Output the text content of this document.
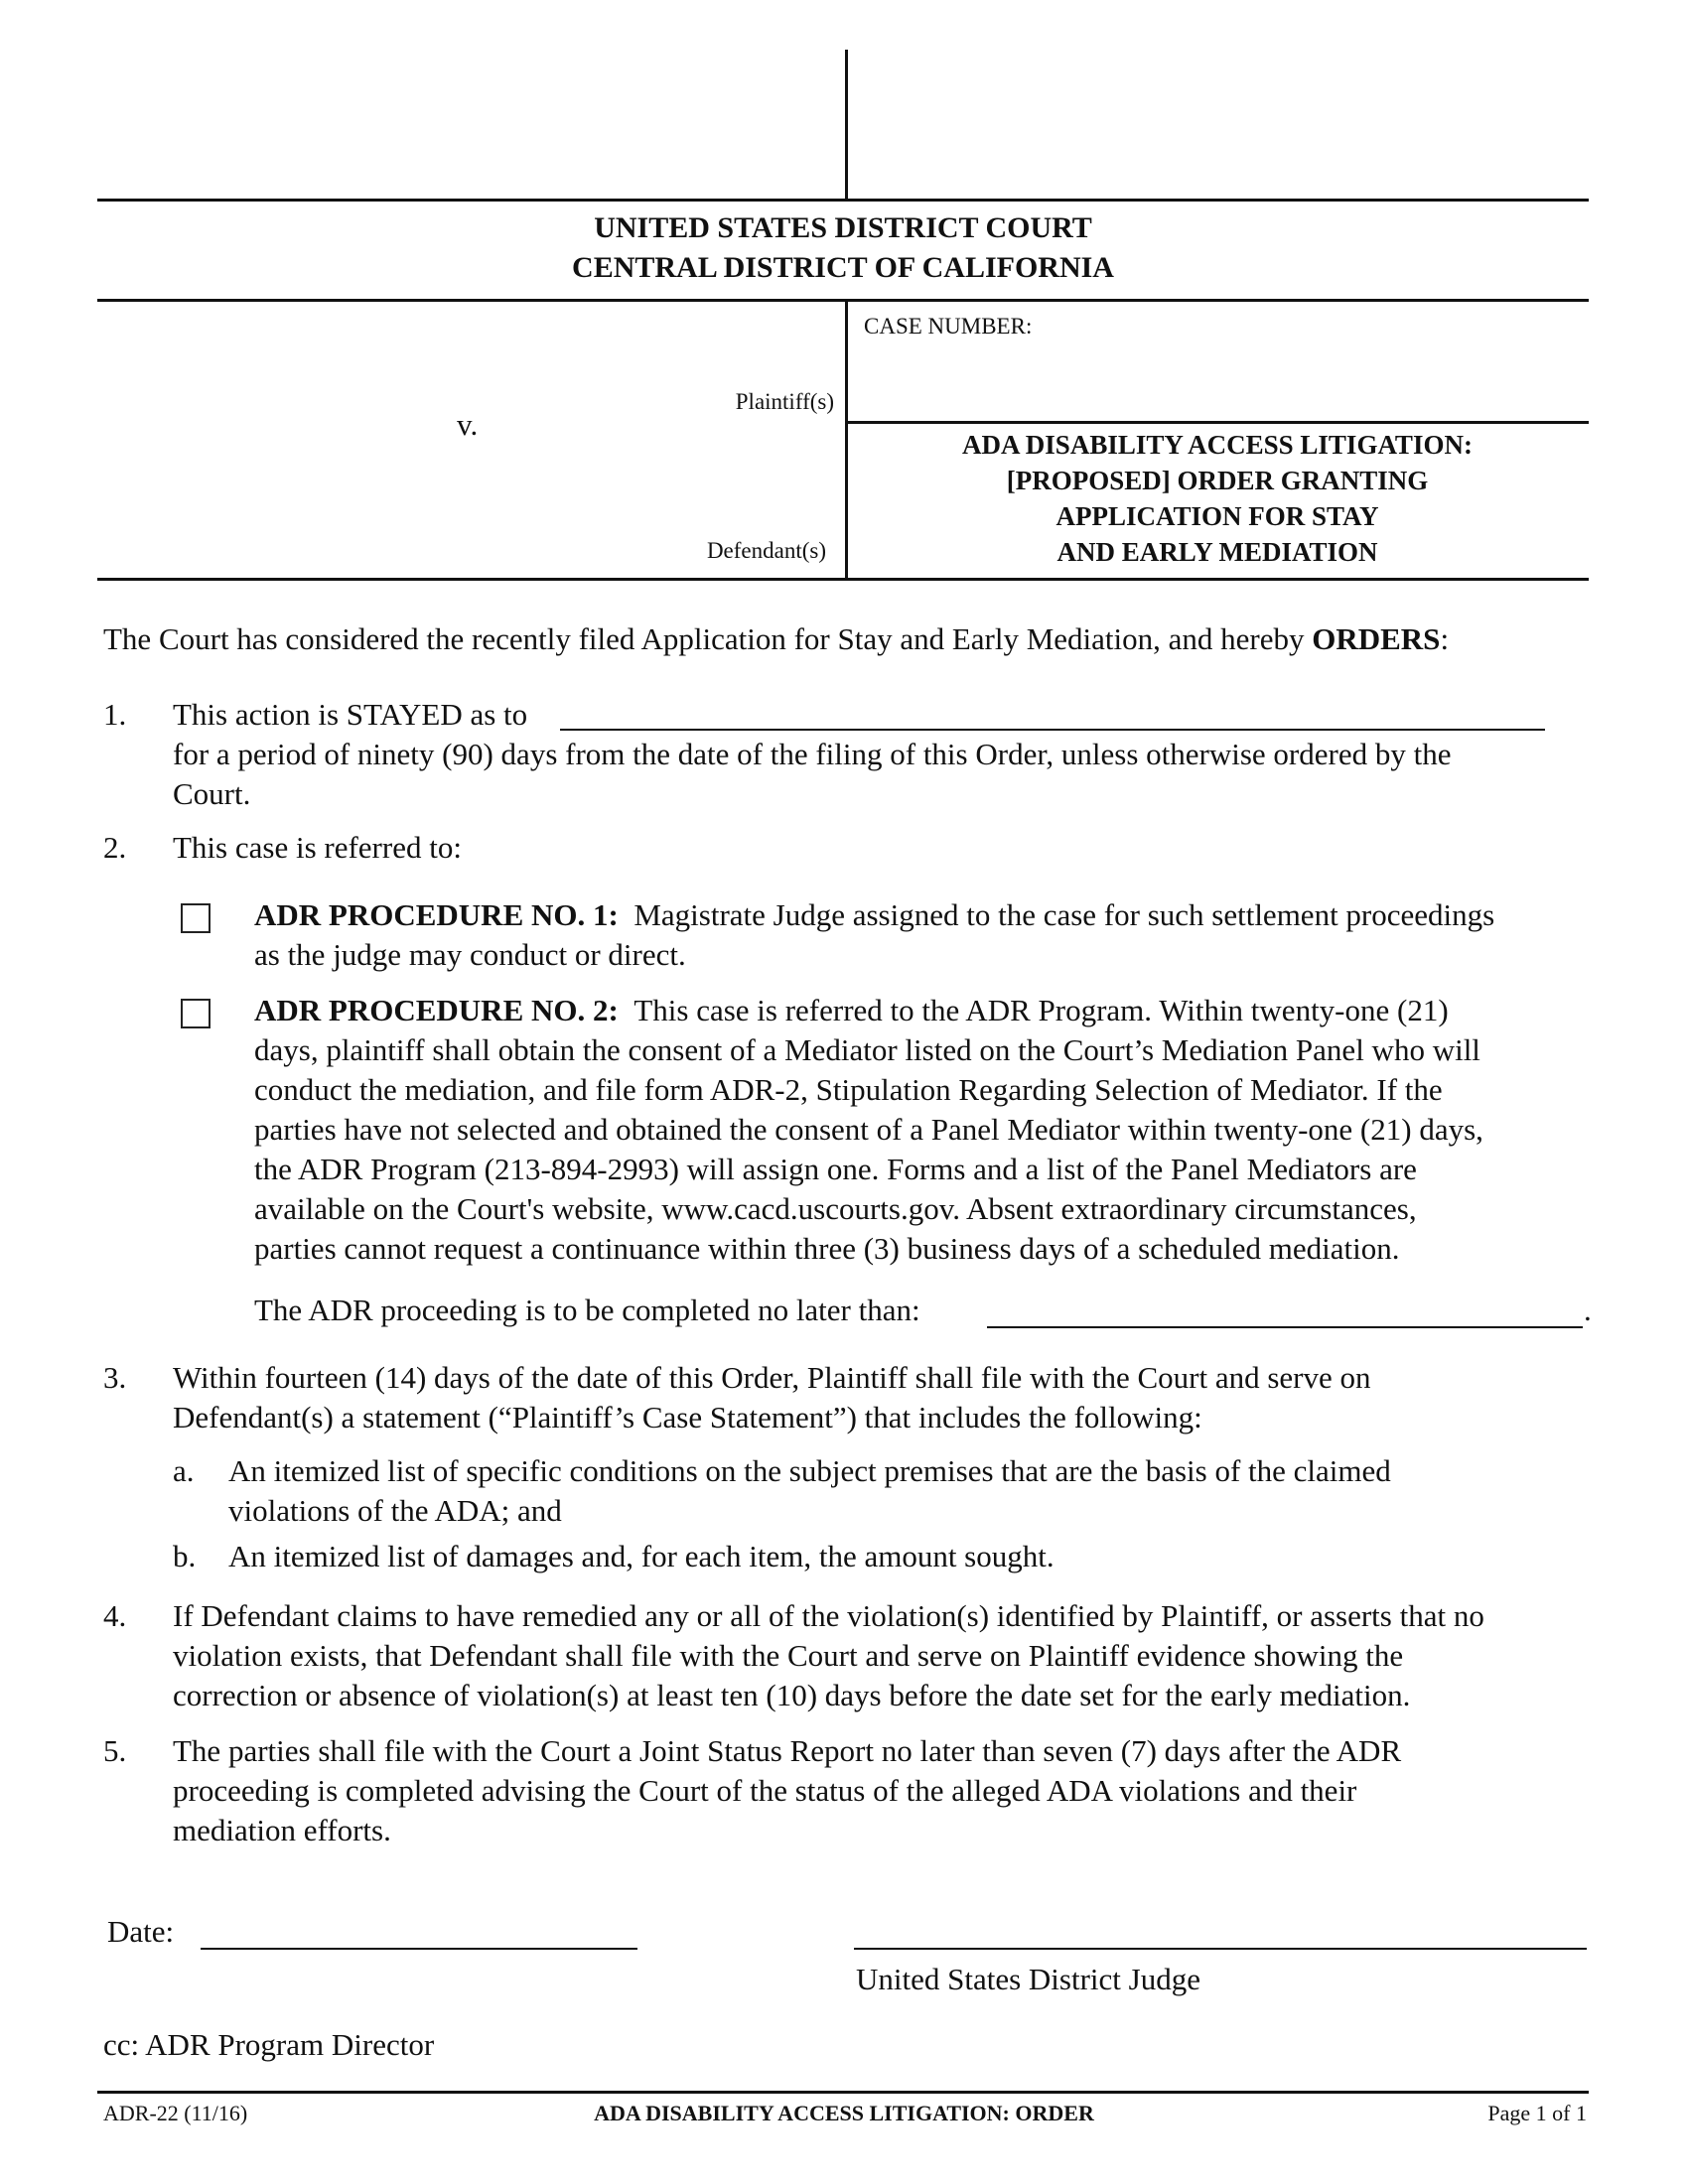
UNITED STATES DISTRICT COURT
CENTRAL DISTRICT OF CALIFORNIA
Plaintiff(s)
v.
Defendant(s)
CASE NUMBER:
ADA DISABILITY ACCESS LITIGATION:
[PROPOSED] ORDER GRANTING
APPLICATION FOR STAY
AND EARLY MEDIATION
The Court has considered the recently filed Application for Stay and Early Mediation, and hereby ORDERS:
1. This action is STAYED as to
for a period of ninety (90) days from the date of the filing of this Order, unless otherwise ordered by the
Court.
2. This case is referred to:
ADR PROCEDURE NO. 1: Magistrate Judge assigned to the case for such settlement proceedings
as the judge may conduct or direct.
ADR PROCEDURE NO. 2: This case is referred to the ADR Program. Within twenty-one (21)
days, plaintiff shall obtain the consent of a Mediator listed on the Court’s Mediation Panel who will
conduct the mediation, and file form ADR-2, Stipulation Regarding Selection of Mediator. If the
parties have not selected and obtained the consent of a Panel Mediator within twenty-one (21) days,
the ADR Program (213-894-2993) will assign one. Forms and a list of the Panel Mediators are
available on the Court's website, www.cacd.uscourts.gov. Absent extraordinary circumstances,
parties cannot request a continuance within three (3) business days of a scheduled mediation.
The ADR proceeding is to be completed no later than:	.
3. Within fourteen (14) days of the date of this Order, Plaintiff shall file with the Court and serve on
Defendant(s) a statement (“Plaintiff’s Case Statement”) that includes the following:
a. An itemized list of specific conditions on the subject premises that are the basis of the claimed
violations of the ADA; and
b. An itemized list of damages and, for each item, the amount sought.
4. If Defendant claims to have remedied any or all of the violation(s) identified by Plaintiff, or asserts that no
violation exists, that Defendant shall file with the Court and serve on Plaintiff evidence showing the
correction or absence of violation(s) at least ten (10) days before the date set for the early mediation.
5. The parties shall file with the Court a Joint Status Report no later than seven (7) days after the ADR
proceeding is completed advising the Court of the status of the alleged ADA violations and their
mediation efforts.
Date:
United States District Judge
cc: ADR Program Director
ADR-22 (11/16)	ADA DISABILITY ACCESS LITIGATION: ORDER	Page 1 of 1
